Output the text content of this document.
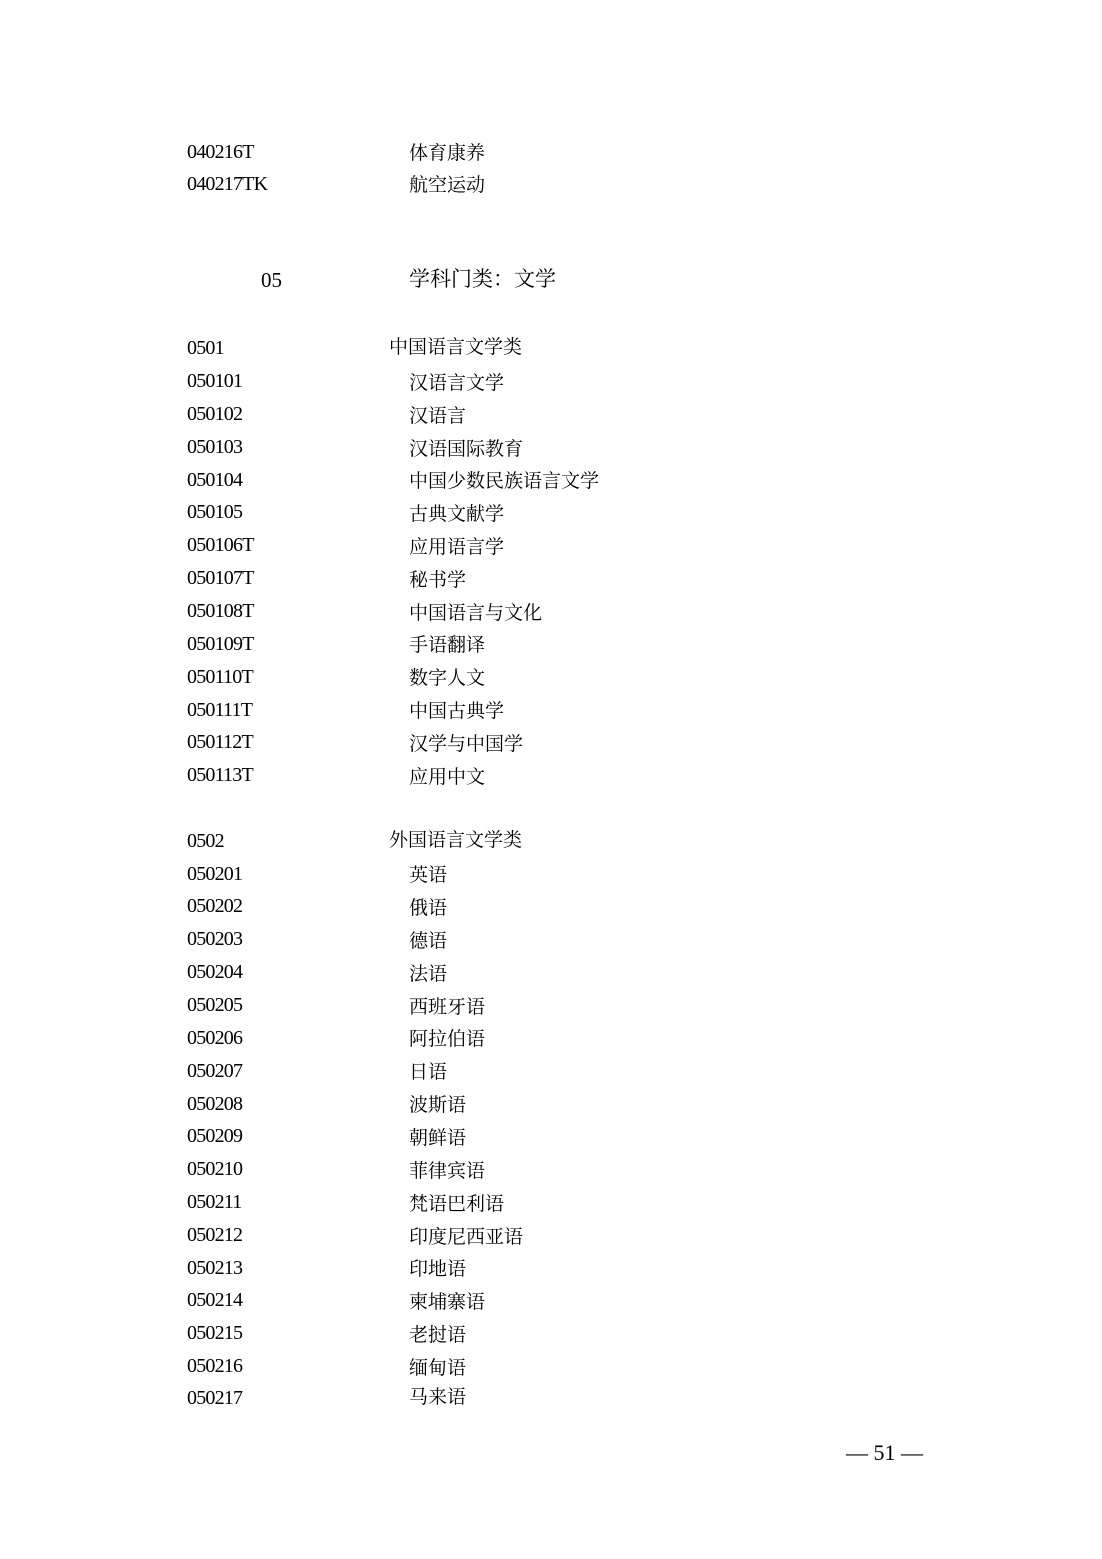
040216T	体育康养
040217TK	航空运动
05	学科门类：文学
0501	中国语言文学类
050101	汉语言文学
050102	汉语言
050103	汉语国际教育
050104	中国少数民族语言文学
050105	古典文献学
050106T	应用语言学
050107T	秘书学
050108T	中国语言与文化
050109T	手语翻译
050110T	数字人文
050111T	中国古典学
050112T	汉学与中国学
050113T	应用中文
0502	外国语言文学类
050201	英语
050202	俄语
050203	德语
050204	法语
050205	西班牙语
050206	阿拉伯语
050207	日语
050208	波斯语
050209	朝鲜语
050210	菲律宾语
050211	梵语巴利语
050212	印度尼西亚语
050213	印地语
050214	柬埔寨语
050215	老挝语
050216	缅甸语
050217	马来语
— 51 —
